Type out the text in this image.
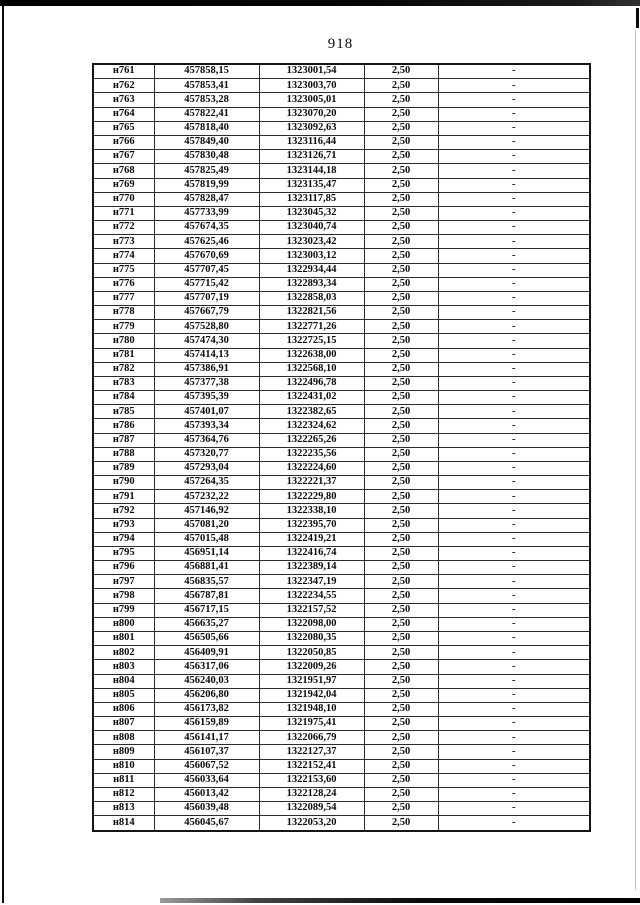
918
н761	457858,15	1323001,54	2,50	-
н762	457853,41	1323003,70	2,50	-
н763	457853,28	1323005,01	2,50	-
н764	457822,41	1323070,20	2,50	-
н765	457818,40	1323092,63	2,50	-
н766	457849,40	1323116,44	2,50	-
н767	457830,48	1323126,71	2,50	-
н768	457825,49	1323144,18	2,50	-
н769	457819,99	1323135,47	2,50	-
н770	457828,47	1323117,85	2,50	-
н771	457733,99	1323045,32	2,50	-
н772	457674,35	1323040,74	2,50	-
н773	457625,46	1323023,42	2,50	-
н774	457670,69	1323003,12	2,50	-
н775	457707,45	1322934,44	2,50	-
н776	457715,42	1322893,34	2,50	-
н777	457707,19	1322858,03	2,50	-
н778	457667,79	1322821,56	2,50	-
н779	457528,80	1322771,26	2,50	-
н780	457474,30	1322725,15	2,50	-
н781	457414,13	1322638,00	2,50	-
н782	457386,91	1322568,10	2,50	-
н783	457377,38	1322496,78	2,50	-
н784	457395,39	1322431,02	2,50	-
н785	457401,07	1322382,65	2,50	-
н786	457393,34	1322324,62	2,50	-
н787	457364,76	1322265,26	2,50	-
н788	457320,77	1322235,56	2,50	-
н789	457293,04	1322224,60	2,50	-
н790	457264,35	1322221,37	2,50	-
н791	457232,22	1322229,80	2,50	-
н792	457146,92	1322338,10	2,50	-
н793	457081,20	1322395,70	2,50	-
н794	457015,48	1322419,21	2,50	-
н795	456951,14	1322416,74	2,50	-
н796	456881,41	1322389,14	2,50	-
н797	456835,57	1322347,19	2,50	-
н798	456787,81	1322234,55	2,50	-
н799	456717,15	1322157,52	2,50	-
н800	456635,27	1322098,00	2,50	-
н801	456505,66	1322080,35	2,50	-
н802	456409,91	1322050,85	2,50	-
н803	456317,06	1322009,26	2,50	-
н804	456240,03	1321951,97	2,50	-
н805	456206,80	1321942,04	2,50	-
н806	456173,82	1321948,10	2,50	-
н807	456159,89	1321975,41	2,50	-
н808	456141,17	1322066,79	2,50	-
н809	456107,37	1322127,37	2,50	-
н810	456067,52	1322152,41	2,50	-
н811	456033,64	1322153,60	2,50	-
н812	456013,42	1322128,24	2,50	-
н813	456039,48	1322089,54	2,50	-
н814	456045,67	1322053,20	2,50	-
